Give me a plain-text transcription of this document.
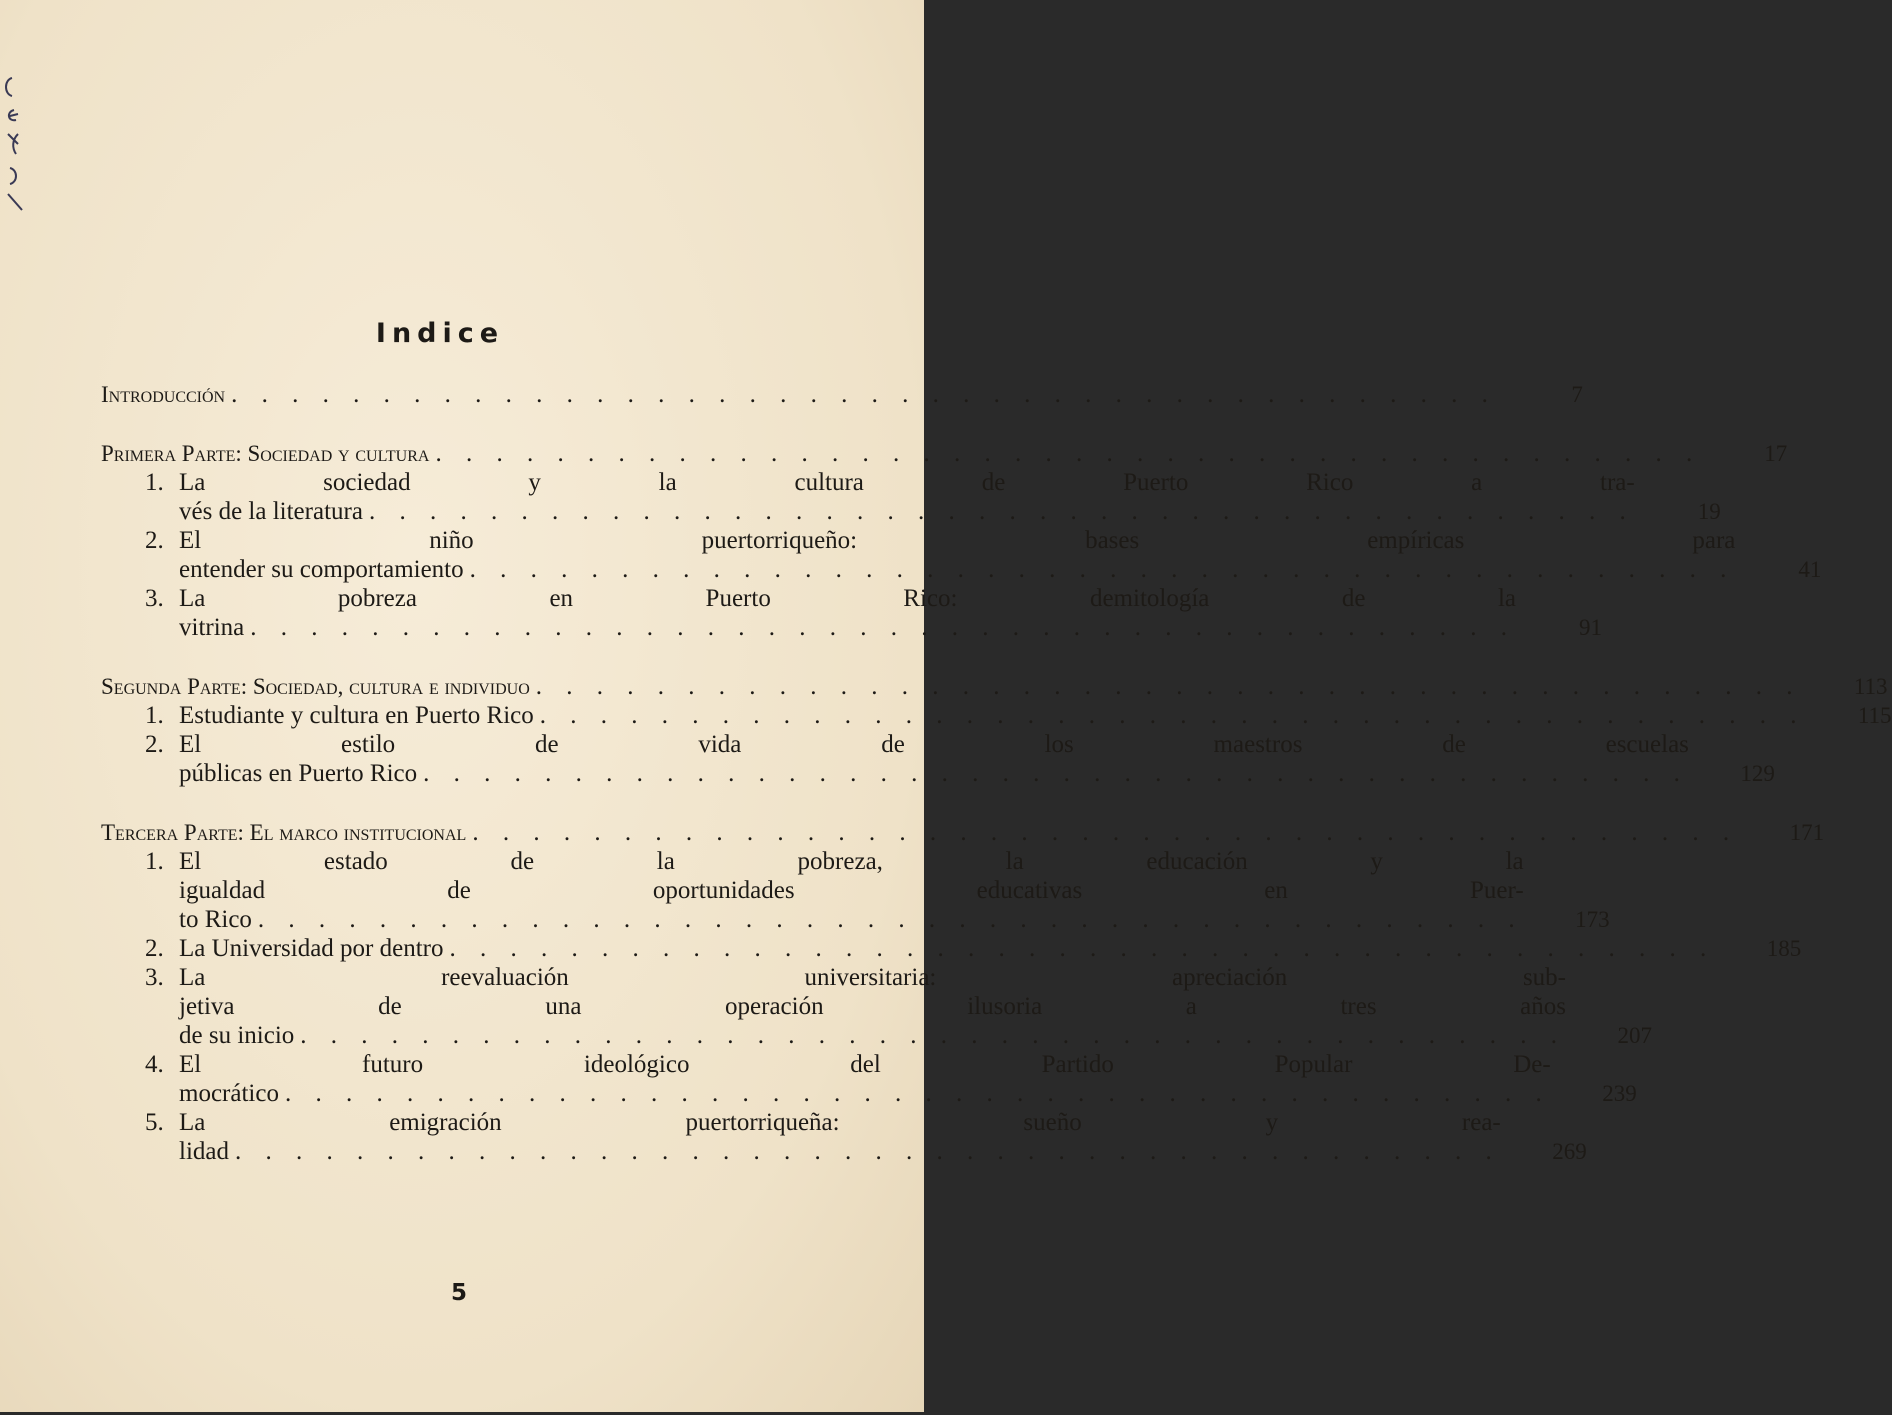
Indice
Introducción . . .	7
Primera Parte: Sociedad y cultura . . .	17
1. La sociedad y la cultura de Puerto Rico a tra-
vés de la literatura . . .	19
2. El niño puertorriqueño: bases empíricas para
entender su comportamiento . . .	41
3. La pobreza en Puerto Rico: demitología de la
vitrina . . .	91
Segunda Parte: Sociedad, cultura e individuo . . .	113
1. Estudiante y cultura en Puerto Rico . . .	115
2. El estilo de vida de los maestros de escuelas
públicas en Puerto Rico . . .	129
Tercera Parte: El marco institucional . . .	171
1. El estado de la pobreza, la educación y la
igualdad de oportunidades educativas en Puer-
to Rico . . .	173
2. La Universidad por dentro . . .	185
3. La reevaluación universitaria: apreciación sub-
jetiva de una operación ilusoria a tres años
de su inicio . . .	207
4. El futuro ideológico del Partido Popular De-
mocrático . . .	239
5. La emigración puertorriqueña: sueño y rea-
lidad . . .	269
5
